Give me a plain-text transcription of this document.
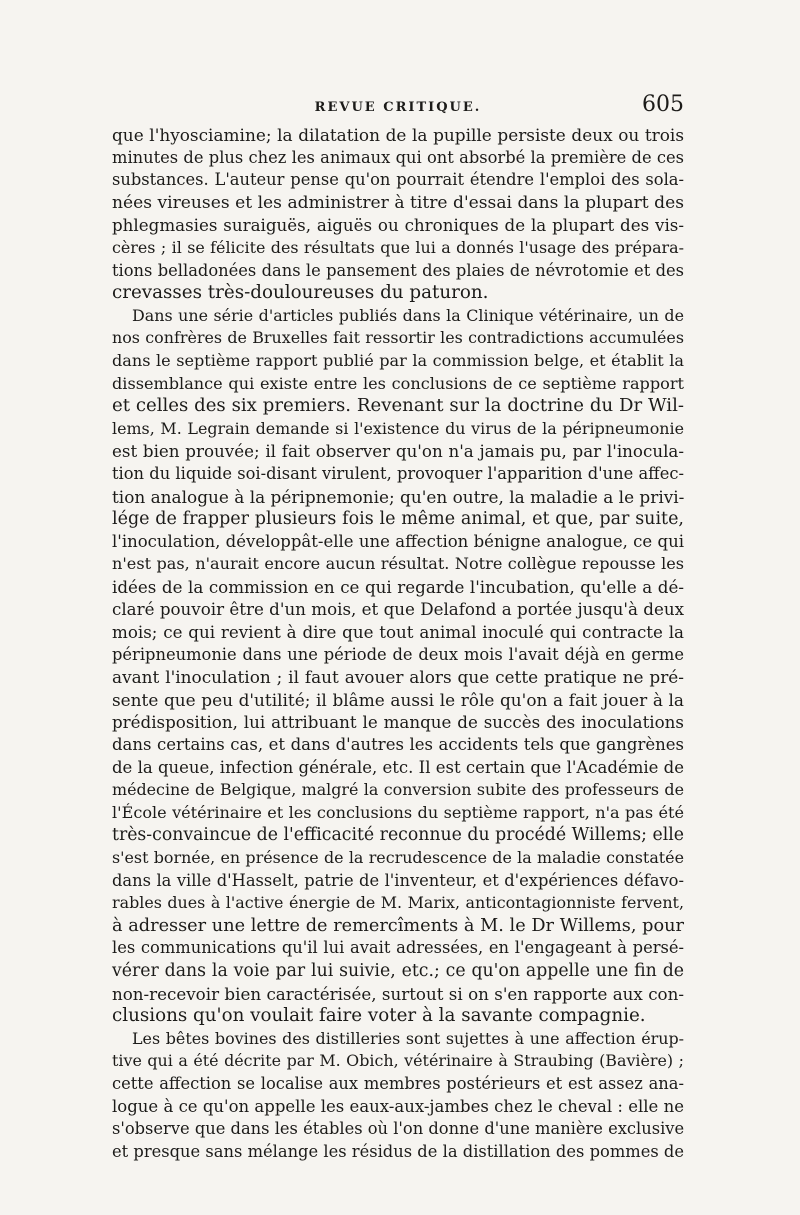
REVUE CRITIQUE.	605
que l'hyosciamine; la dilatation de la pupille persiste deux ou trois
minutes de plus chez les animaux qui ont absorbé la première de ces
substances. L'auteur pense qu'on pourrait étendre l'emploi des sola-
nées vireuses et les administrer à titre d'essai dans la plupart des
phlegmasies suraiguës, aiguës ou chroniques de la plupart des vis-
cères ; il se félicite des résultats que lui a donnés l'usage des prépara-
tions belladonées dans le pansement des plaies de névrotomie et des
crevasses très-douloureuses du paturon.
Dans une série d'articles publiés dans la Clinique vétérinaire, un de
nos confrères de Bruxelles fait ressortir les contradictions accumulées
dans le septième rapport publié par la commission belge, et établit la
dissemblance qui existe entre les conclusions de ce septième rapport
et celles des six premiers. Revenant sur la doctrine du Dr Wil-
lems, M. Legrain demande si l'existence du virus de la péripneumonie
est bien prouvée; il fait observer qu'on n'a jamais pu, par l'inocula-
tion du liquide soi-disant virulent, provoquer l'apparition d'une affec-
tion analogue à la péripnemonie; qu'en outre, la maladie a le privi-
lége de frapper plusieurs fois le même animal, et que, par suite,
l'inoculation, développât-elle une affection bénigne analogue, ce qui
n'est pas, n'aurait encore aucun résultat. Notre collègue repousse les
idées de la commission en ce qui regarde l'incubation, qu'elle a dé-
claré pouvoir être d'un mois, et que Delafond a portée jusqu'à deux
mois; ce qui revient à dire que tout animal inoculé qui contracte la
péripneumonie dans une période de deux mois l'avait déjà en germe
avant l'inoculation ; il faut avouer alors que cette pratique ne pré-
sente que peu d'utilité; il blâme aussi le rôle qu'on a fait jouer à la
prédisposition, lui attribuant le manque de succès des inoculations
dans certains cas, et dans d'autres les accidents tels que gangrènes
de la queue, infection générale, etc. Il est certain que l'Académie de
médecine de Belgique, malgré la conversion subite des professeurs de
l'École vétérinaire et les conclusions du septième rapport, n'a pas été
très-convaincue de l'efficacité reconnue du procédé Willems; elle
s'est bornée, en présence de la recrudescence de la maladie constatée
dans la ville d'Hasselt, patrie de l'inventeur, et d'expériences défavo-
rables dues à l'active énergie de M. Marix, anticontagionniste fervent,
à adresser une lettre de remercîments à M. le Dr Willems, pour
les communications qu'il lui avait adressées, en l'engageant à persé-
vérer dans la voie par lui suivie, etc.; ce qu'on appelle une fin de
non-recevoir bien caractérisée, surtout si on s'en rapporte aux con-
clusions qu'on voulait faire voter à la savante compagnie.
Les bêtes bovines des distilleries sont sujettes à une affection érup-
tive qui a été décrite par M. Obich, vétérinaire à Straubing (Bavière) ;
cette affection se localise aux membres postérieurs et est assez ana-
logue à ce qu'on appelle les eaux-aux-jambes chez le cheval : elle ne
s'observe que dans les étables où l'on donne d'une manière exclusive
et presque sans mélange les résidus de la distillation des pommes de
